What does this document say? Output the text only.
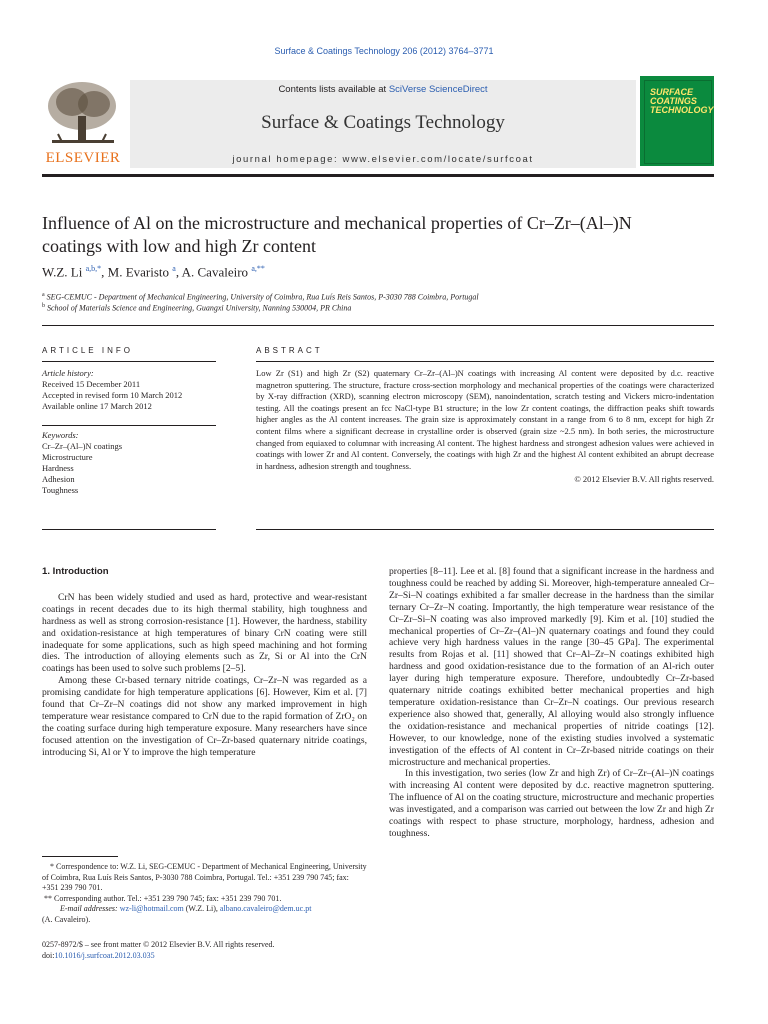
Surface & Coatings Technology 206 (2012) 3764–3771
ELSEVIER
Contents lists available at SciVerse ScienceDirect
Surface & Coatings Technology
journal homepage: www.elsevier.com/locate/surfcoat
SURFACE
COATINGS
TECHNOLOGY
Influence of Al on the microstructure and mechanical properties of Cr–Zr–(Al–)N
coatings with low and high Zr content
W.Z. Li $^{a,b,*}$, M. Evaristo $^a$, A. Cavaleiro $^{a,**}$
$^a$ SEG-CEMUC - Department of Mechanical Engineering, University of Coimbra, Rua Luís Reis Santos, P-3030 788 Coimbra, Portugal
$^b$ School of Materials Science and Engineering, Guangxi University, Nanning 530004, PR China
ARTICLE INFO	ABSTRACT
Article history:
Received 15 December 2011
Accepted in revised form 10 March 2012
Available online 17 March 2012
Keywords:
Cr–Zr–(Al–)N coatings
Microstructure
Hardness
Adhesion
Toughness
Low Zr (S1) and high Zr (S2) quaternary Cr–Zr–(Al–)N coatings with increasing Al content were deposited by d.c. reactive magnetron sputtering. The structure, fracture cross-section morphology and mechanical properties of the coatings were characterized by X-ray diffraction (XRD), scanning electron microscopy (SEM), nanoindentation, scratch testing and Vickers micro-indentation testing. All the coatings present an fcc NaCl-type B1 structure; in the low Zr content coatings, the diffraction peaks shift towards higher angles as the Al content increases. The grain size is approximately constant in a range from 6 to 8 nm, except for high Zr content films where a significant decrease in crystalline order is observed (grain size ~2.5 nm). In both series, the microstructure changed from equiaxed to columnar with increasing Al content. The highest hardness and strongest adhesion values were achieved in coatings with lower Zr and Al content. Conversely, the coatings with high Zr and the highest Al content exhibited an abrupt decrease in hardness, adhesion strength and toughness.
© 2012 Elsevier B.V. All rights reserved.
1. Introduction

CrN has been widely studied and used as hard, protective and wear-resistant coatings in recent decades due to its high thermal stability, high toughness and hardness as well as strong corrosion-resistance [1]. However, the hardness, stability and oxidation-resistance at high temperatures of binary CrN coating were still inadequate for some applications, such as high speed machining and hot forming dies. The introduction of alloying elements such as Zr, Si or Al into the CrN coatings has been used to solve such problems [2–5].

Among these Cr-based ternary nitride coatings, Cr–Zr–N was regarded as a promising candidate for high temperature applications [6]. However, Kim et al. [7] found that Cr–Zr–N coatings did not show any marked improvement in high temperature wear resistance compared to CrN due to the rapid formation of ZrO₂ on the coating surface during high temperature exposure. Many researchers have since focused attention on the investigation of Cr–Zr-based quaternary nitride coatings, introducing Si, Al or Y to improve the high temperature

* Correspondence to: W.Z. Li, SEG-CEMUC - Department of Mechanical Engineering, University of Coimbra, Rua Luís Reis Santos, P-3030 788 Coimbra, Portugal. Tel.: +351 239 790 745; fax: +351 239 790 701.
** Corresponding author. Tel.: +351 239 790 745; fax: +351 239 790 701.
E-mail addresses: wz-li@hotmail.com (W.Z. Li), albano.cavaleiro@dem.uc.pt
(A. Cavaleiro).
0257-8972/$ – see front matter © 2012 Elsevier B.V. All rights reserved.
doi:10.1016/j.surfcoat.2012.03.035

properties [8–11]. Lee et al. [8] found that a significant increase in the hardness and toughness could be reached by adding Si. Moreover, high-temperature annealed Cr–Zr–Si–N coatings exhibited a far smaller decrease in the hardness than the similar ternary Cr–Zr–N coating. Importantly, the high temperature wear resistance of the Cr–Zr–Si–N coating was also improved markedly [9]. Kim et al. [10] studied the mechanical properties of Cr–Zr–(Al–)N quaternary coatings and found they could achieve very high hardness values in the range [30–45 GPa]. The experimental results from Rojas et al. [11] showed that Cr–Al–Zr–N coatings exhibited high hardness and good oxidation-resistance due to the formation of an Al-rich outer layer during high temperature exposure. Therefore, undoubtedly Cr–Zr-based quaternary nitride coatings exhibited better mechanical properties and high temperature oxidation-resistance than Cr–Zr–N coatings. Our previous research experience also showed that, generally, Al alloying would also strongly influence the oxidation-resistance and mechanical properties of nitride coatings [12]. However, to our knowledge, none of the existing studies involved a systematic investigation of the effects of Al content in Cr–Zr-based nitride coatings on their microstructure and mechanical properties.

In this investigation, two series (low Zr and high Zr) of Cr–Zr–(Al–)N coatings with increasing Al content were deposited by d.c. reactive magnetron sputtering. The influence of Al on the coating structure, microstructure and mechanic properties was investigated, and a comparison was carried out between the low Zr and high Zr coatings with respect to phase structure, morphology, hardness, adhesion and toughness.
